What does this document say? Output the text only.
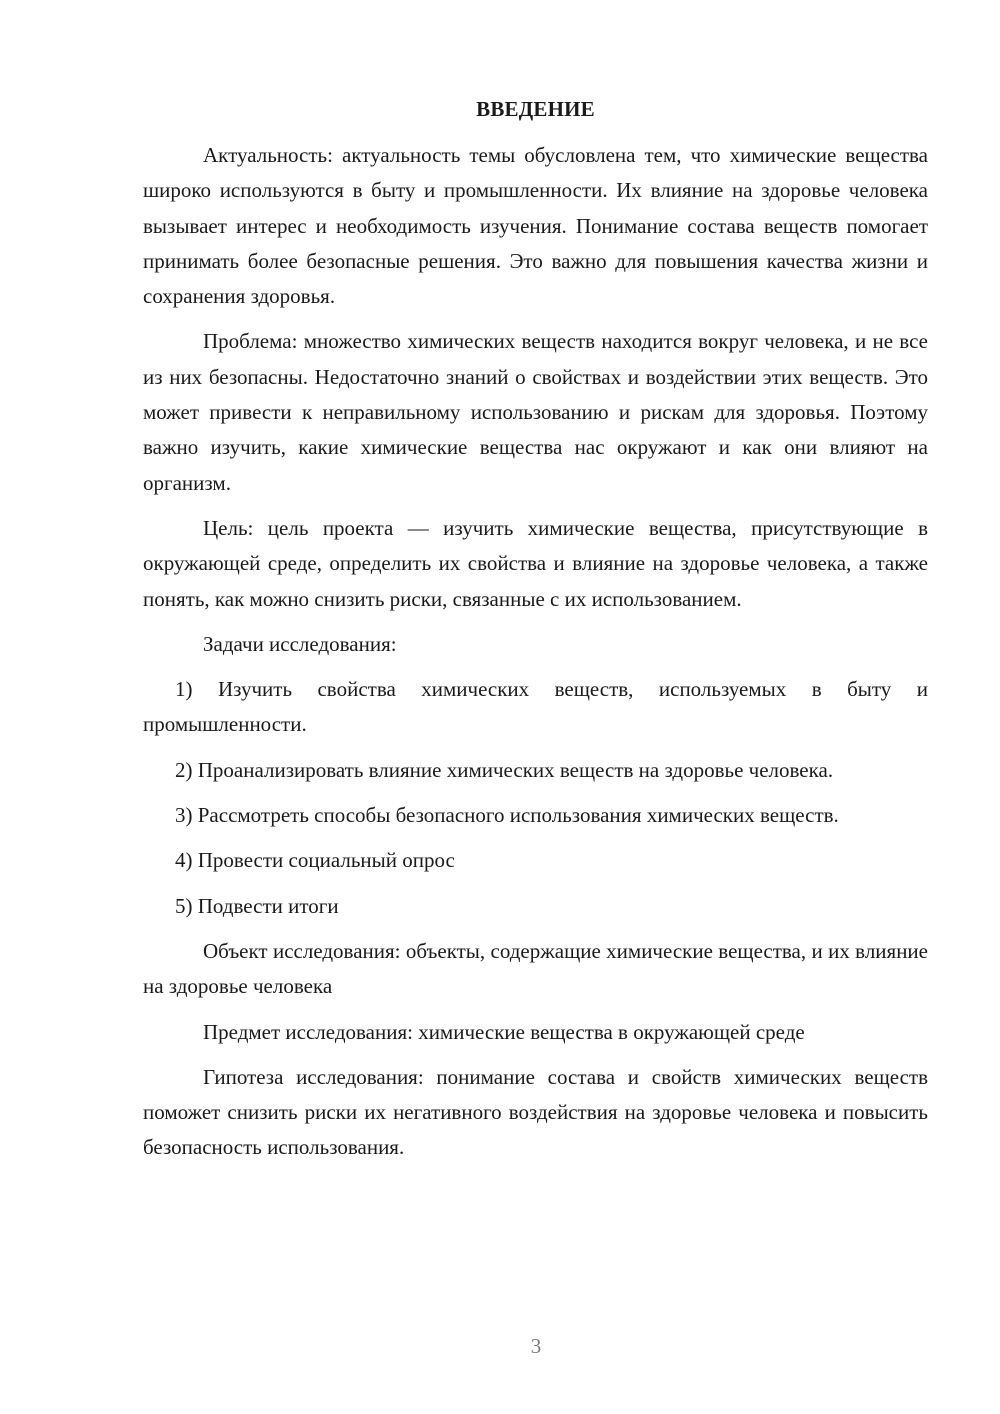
ВВЕДЕНИЕ

Актуальность: актуальность темы обусловлена тем, что химические вещества широко используются в быту и промышленности. Их влияние на здоровье человека вызывает интерес и необходимость изучения. Понимание состава веществ помогает принимать более безопасные решения. Это важно для повышения качества жизни и сохранения здоровья.

Проблема: множество химических веществ находится вокруг человека, и не все из них безопасны. Недостаточно знаний о свойствах и воздействии этих веществ. Это может привести к неправильному использованию и рискам для здоровья. Поэтому важно изучить, какие химические вещества нас окружают и как они влияют на организм.

Цель: цель проекта — изучить химические вещества, присутствующие в окружающей среде, определить их свойства и влияние на здоровье человека, а также понять, как можно снизить риски, связанные с их использованием.

Задачи исследования:

1) Изучить свойства химических веществ, используемых в быту и промышленности.

2) Проанализировать влияние химических веществ на здоровье человека.

3) Рассмотреть способы безопасного использования химических веществ.

4) Провести социальный опрос

5) Подвести итоги

Объект исследования: объекты, содержащие химические вещества, и их влияние на здоровье человека

Предмет исследования: химические вещества в окружающей среде

Гипотеза исследования: понимание состава и свойств химических веществ поможет снизить риски их негативного воздействия на здоровье человека и повысить безопасность использования.

3
